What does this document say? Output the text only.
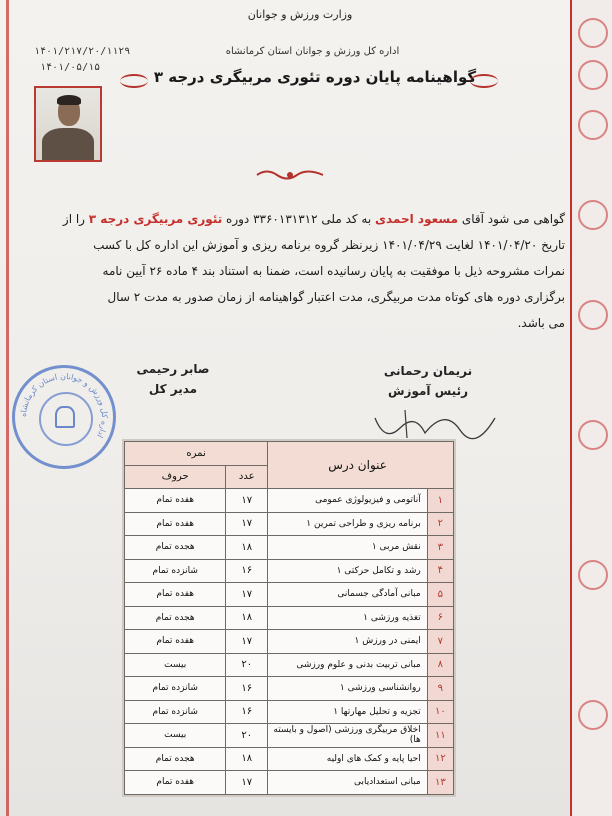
وزارت ورزش و جوانان
۱۴۰۱/۲۱۷/۲۰/۱۱۲۹
۱۴۰۱/۰۵/۱۵
اداره کل ورزش و جوانان استان کرمانشاه
گواهینامه پایان دوره تئوری مربیگری درجه ۳

گواهی می شود آقای مسعود احمدی به کد ملی ۳۳۶۰۱۳۱۳۱۲ دوره تئوری مربیگری درجه ۳ را از

تاریخ ۱۴۰۱/۰۴/۲۰ لغایت ۱۴۰۱/۰۴/۲۹ زیرنظر گروه برنامه ریزی و آموزش این اداره کل با کسب

نمرات مشروحه ذیل با موفقیت به پایان رسانیده است، ضمنا به استناد بند ۴ ماده ۲۶ آیین نامه

برگزاری دوره های کوتاه مدت مربیگری، مدت اعتبار گواهینامه از زمان صدور به مدت ۲ سال

می باشد.

اداره کل ورزش و جوانان استان کرمانشاه
صابر رحیمی
مدیر کل
نریمان رحمانی
رئیس آموزش
عنوان درس		نمره	
		عدد	حروف
۱	آناتومی و فیزیولوژی عمومی	۱۷	هفده تمام
۲	برنامه ریزی و طراحی تمرین ۱	۱۷	هفده تمام
۳	نقش مربی ۱	۱۸	هجده تمام
۴	رشد و تکامل حرکتی ۱	۱۶	شانزده تمام
۵	مبانی آمادگی جسمانی	۱۷	هفده تمام
۶	تغذیه ورزشی ۱	۱۸	هجده تمام
۷	ایمنی در ورزش ۱	۱۷	هفده تمام
۸	مبانی تربیت بدنی و علوم ورزشی	۲۰	بیست
۹	روانشناسی ورزشی ۱	۱۶	شانزده تمام
۱۰	تجزیه و تحلیل مهارتها ۱	۱۶	شانزده تمام
۱۱	اخلاق مربیگری ورزشی (اصول و بایسته ها)	۲۰	بیست
۱۲	احیا پایه و کمک های اولیه	۱۸	هجده تمام
۱۳	مبانی استعدادیابی	۱۷	هفده تمام
